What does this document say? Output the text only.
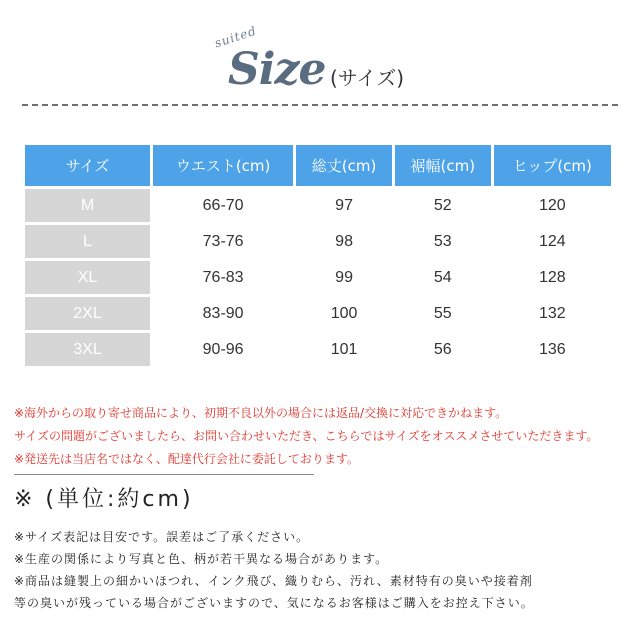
suited
Size (サイズ)
サイズ	ウエスト(cm)	総丈(cm)	裾幅(cm)	ヒップ(cm)
M	66-70	97	52	120
L	73-76	98	53	124
XL	76-83	99	54	128
2XL	83-90	100	55	132
3XL	90-96	101	56	136

※海外からの取り寄せ商品により、初期不良以外の場合には返品/交換に対応できかねます。

サイズの問題がございましたら、お問い合わせいただき、こちらではサイズをオススメさせていただきます。

※発送先は当店名ではなく、配達代行会社に委託しております。

※ (単位:約cm)

※サイズ表記は目安です。誤差はご了承ください。

※生産の関係により写真と色、柄が若干異なる場合があります。

※商品は縫製上の細かいほつれ、インク飛び、織りむら、汚れ、素材特有の臭いや接着剤

等の臭いが残っている場合がございますので、気になるお客様はご購入をお控え下さい。
